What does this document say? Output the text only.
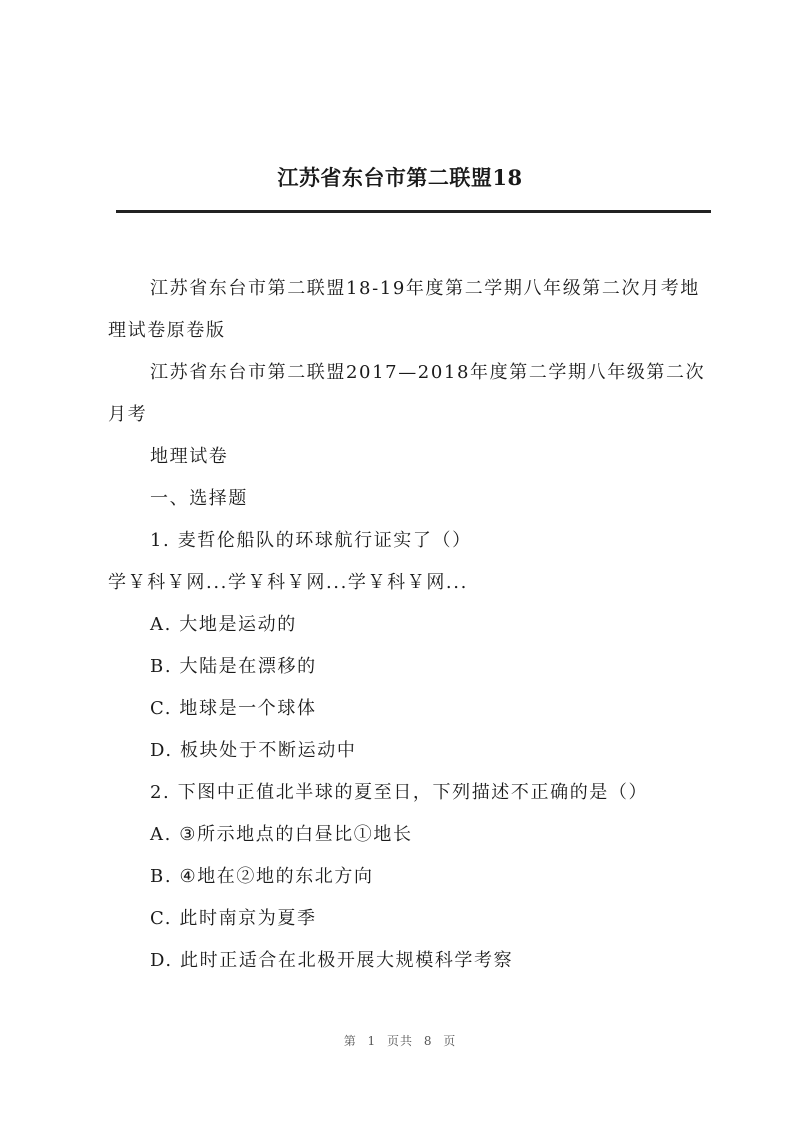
江苏省东台市第二联盟18

江苏省东台市第二联盟18-19年度第二学期八年级第二次月考地理试卷原卷版

江苏省东台市第二联盟2017—2018年度第二学期八年级第二次月考

地理试卷

一、选择题

1. 麦哲伦船队的环球航行证实了（）

学￥科￥网...学￥科￥网...学￥科￥网...

A. 大地是运动的

B. 大陆是在漂移的

C. 地球是一个球体

D. 板块处于不断运动中

2. 下图中正值北半球的夏至日，下列描述不正确的是（）

A. ③所示地点的白昼比①地长

B. ④地在②地的东北方向

C. 此时南京为夏季

D. 此时正适合在北极开展大规模科学考察

第 1 页共 8 页
